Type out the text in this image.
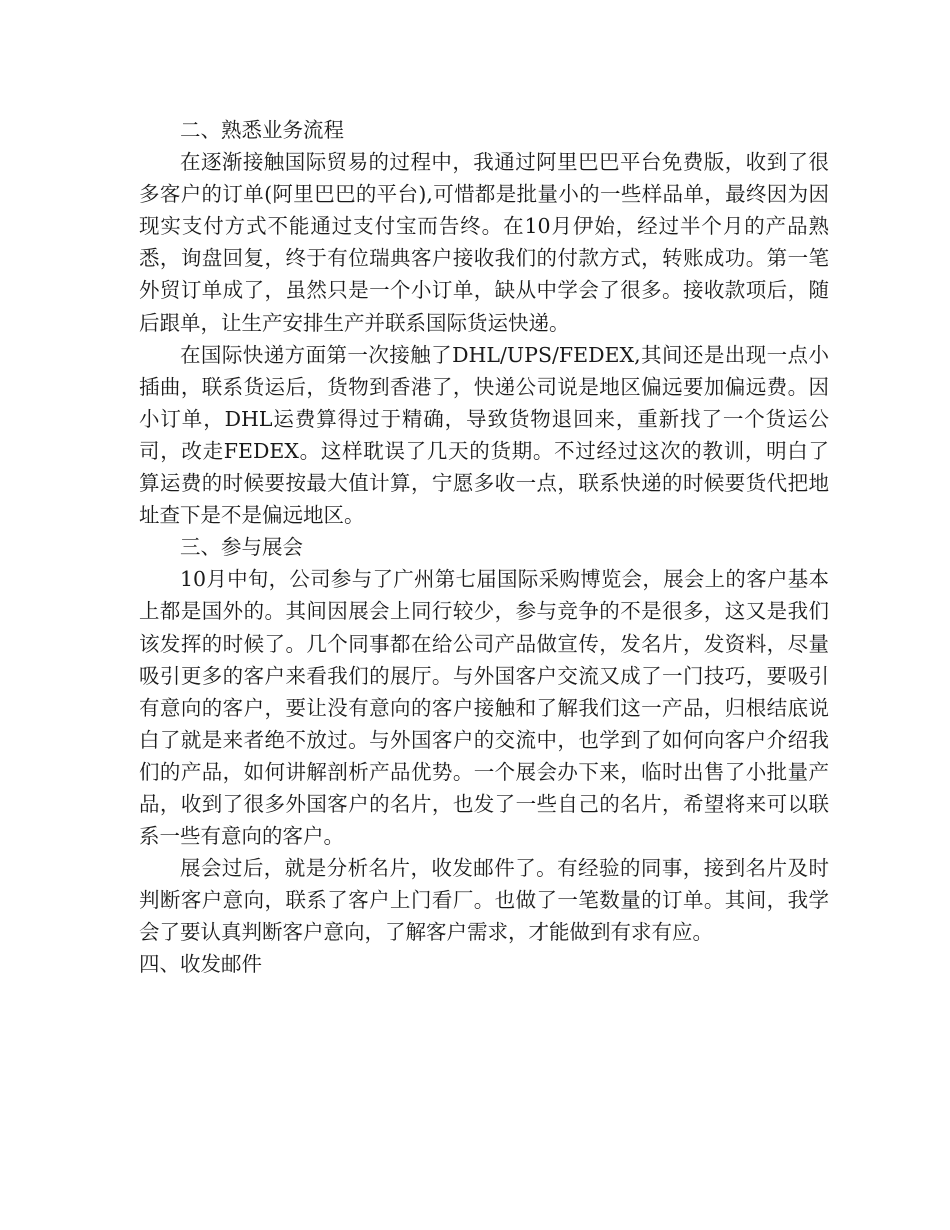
二、熟悉业务流程

在逐渐接触国际贸易的过程中，我通过阿里巴巴平台免费版，收到了很多客户的订单(阿里巴巴的平台),可惜都是批量小的一些样品单，最终因为因现实支付方式不能通过支付宝而告终。在10月伊始，经过半个月的产品熟悉，询盘回复，终于有位瑞典客户接收我们的付款方式，转账成功。第一笔外贸订单成了，虽然只是一个小订单，缺从中学会了很多。接收款项后，随后跟单，让生产安排生产并联系国际货运快递。

在国际快递方面第一次接触了DHL/UPS/FEDEX,其间还是出现一点小插曲，联系货运后，货物到香港了，快递公司说是地区偏远要加偏远费。因小订单，DHL运费算得过于精确，导致货物退回来，重新找了一个货运公司，改走FEDEX。这样耽误了几天的货期。不过经过这次的教训，明白了算运费的时候要按最大值计算，宁愿多收一点，联系快递的时候要货代把地址查下是不是偏远地区。

三、参与展会

10月中旬，公司参与了广州第七届国际采购博览会，展会上的客户基本上都是国外的。其间因展会上同行较少，参与竞争的不是很多，这又是我们该发挥的时候了。几个同事都在给公司产品做宣传，发名片，发资料，尽量吸引更多的客户来看我们的展厅。与外国客户交流又成了一门技巧，要吸引有意向的客户，要让没有意向的客户接触和了解我们这一产品，归根结底说白了就是来者绝不放过。与外国客户的交流中，也学到了如何向客户介绍我们的产品，如何讲解剖析产品优势。一个展会办下来，临时出售了小批量产品，收到了很多外国客户的名片，也发了一些自己的名片，希望将来可以联系一些有意向的客户。

展会过后，就是分析名片，收发邮件了。有经验的同事，接到名片及时判断客户意向，联系了客户上门看厂。也做了一笔数量的订单。其间，我学会了要认真判断客户意向，了解客户需求，才能做到有求有应。

四、收发邮件
